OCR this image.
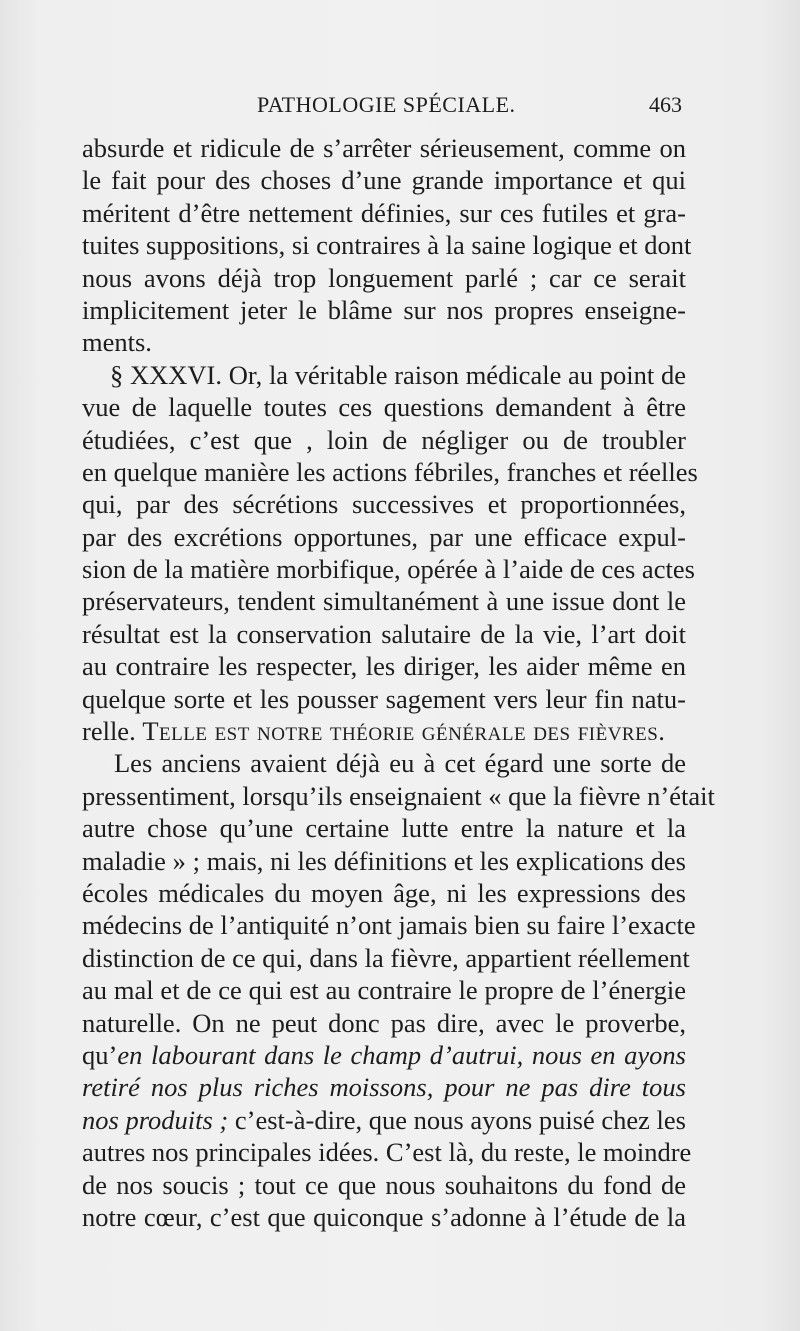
PATHOLOGIE SPÉCIALE.	463
absurde et ridicule de s’arrêter sérieusement, comme on
le fait pour des choses d’une grande importance et qui
méritent d’être nettement définies, sur ces futiles et gra-
tuites suppositions, si contraires à la saine logique et dont
nous avons déjà trop longuement parlé ; car ce serait
implicitement jeter le blâme sur nos propres enseigne-
ments.
§ XXXVI. Or, la véritable raison médicale au point de
vue de laquelle toutes ces questions demandent à être
étudiées, c’est que , loin de négliger ou de troubler
en quelque manière les actions fébriles, franches et réelles
qui, par des sécrétions successives et proportionnées,
par des excrétions opportunes, par une efficace expul-
sion de la matière morbifique, opérée à l’aide de ces actes
préservateurs, tendent simultanément à une issue dont le
résultat est la conservation salutaire de la vie, l’art doit
au contraire les respecter, les diriger, les aider même en
quelque sorte et les pousser sagement vers leur fin natu-
relle. Telle est notre théorie générale des fièvres.
Les anciens avaient déjà eu à cet égard une sorte de
pressentiment, lorsqu’ils enseignaient « que la fièvre n’était
autre chose qu’une certaine lutte entre la nature et la
maladie » ; mais, ni les définitions et les explications des
écoles médicales du moyen âge, ni les expressions des
médecins de l’antiquité n’ont jamais bien su faire l’exacte
distinction de ce qui, dans la fièvre, appartient réellement
au mal et de ce qui est au contraire le propre de l’énergie
naturelle. On ne peut donc pas dire, avec le proverbe,
qu’en labourant dans le champ d’autrui, nous en ayons
retiré nos plus riches moissons, pour ne pas dire tous
nos produits ; c’est-à-dire, que nous ayons puisé chez les
autres nos principales idées. C’est là, du reste, le moindre
de nos soucis ; tout ce que nous souhaitons du fond de
notre cœur, c’est que quiconque s’adonne à l’étude de la
